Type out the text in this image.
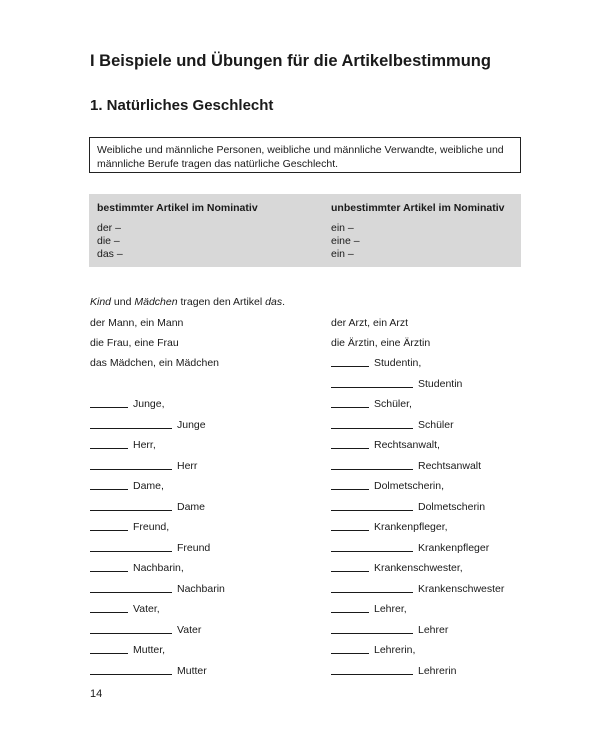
I Beispiele und Übungen für die Artikelbestimmung
1. Natürliches Geschlecht
Weibliche und männliche Personen, weibliche und männliche Verwandte, weibliche und
männliche Berufe tragen das natürliche Geschlecht.
bestimmter Artikel im Nominativ	unbestimmter Artikel im Nominativ
der –
die –
das –
ein –
eine –
ein –
Kind und Mädchen tragen den Artikel das.
der Mann, ein Mann
die Frau, eine Frau
das Mädchen, ein Mädchen
der Arzt, ein Arzt
die Ärztin, eine Ärztin
Junge,
Junge
Herr,
Herr
Dame,
Dame
Freund,
Freund
Nachbarin,
Nachbarin
Vater,
Vater
Mutter,
Mutter
Studentin,
Studentin
Schüler,
Schüler
Rechtsanwalt,
Rechtsanwalt
Dolmetscherin,
Dolmetscherin
Krankenpfleger,
Krankenpfleger
Krankenschwester,
Krankenschwester
Lehrer,
Lehrer
Lehrerin,
Lehrerin
14
